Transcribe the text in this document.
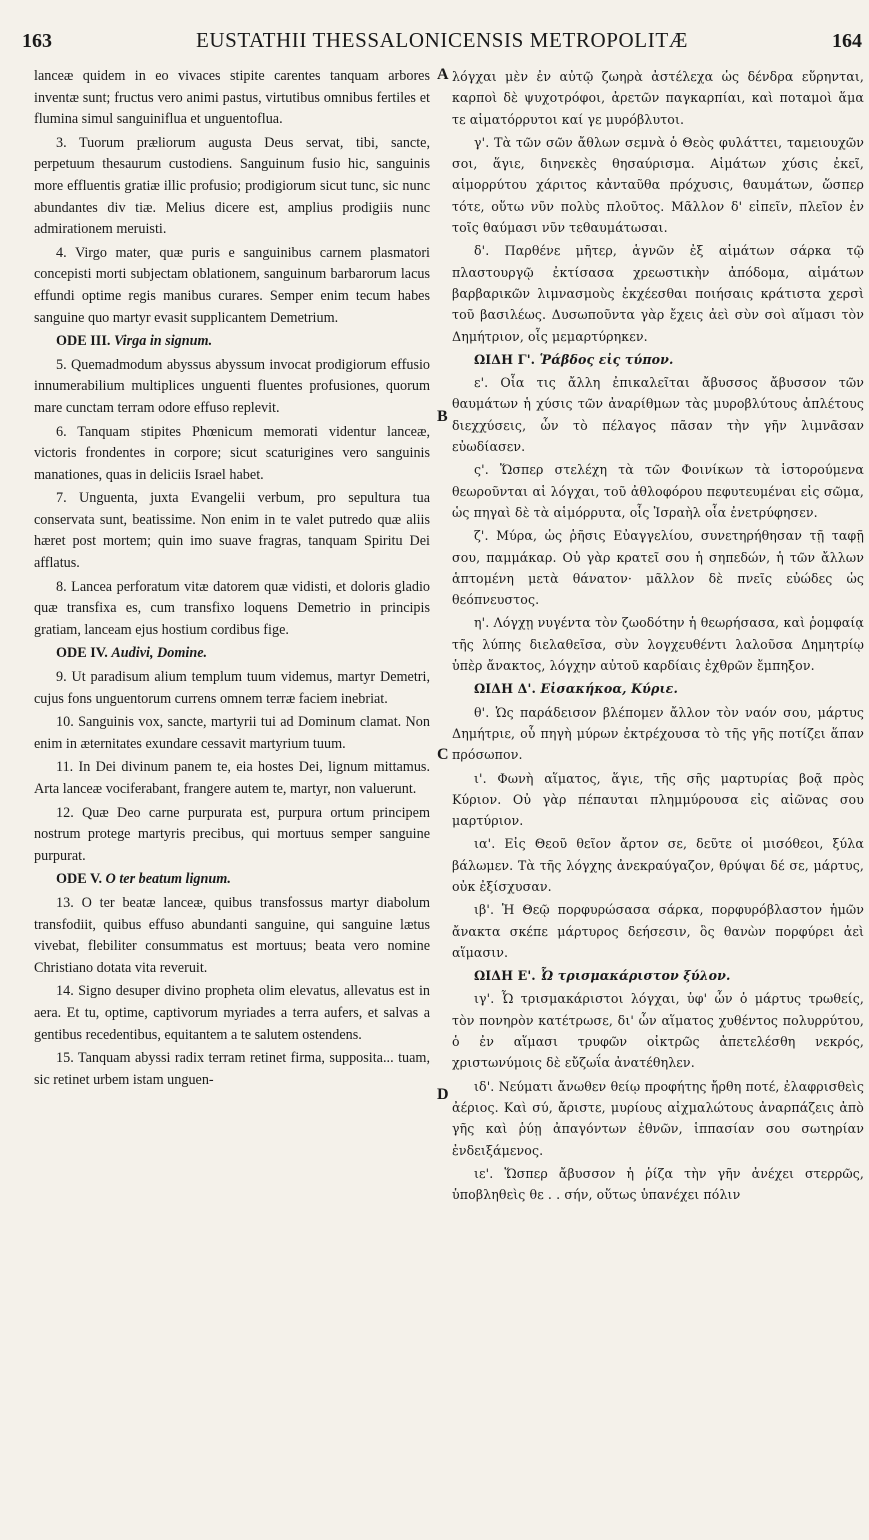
163	EUSTATHII THESSALONICENSIS METROPOLITÆ	164

lanceæ quidem in eo vivaces stipite carentes tanquam arbores inventæ sunt; fructus vero animi pastus, virtutibus omnibus fertiles et flumina simul sanguiniflua et unguentoflua.

3. Tuorum præliorum augusta Deus servat, tibi, sancte, perpetuum thesaurum custodiens. Sanguinum fusio hic, sanguinis more effluentis gratiæ illic profusio; prodigiorum sicut tunc, sic nunc abundantes div tiæ. Melius dicere est, amplius prodigiis nunc admirationem meruisti.

4. Virgo mater, quæ puris e sanguinibus carnem plasmatori concepisti morti subjectam oblationem, sanguinum barbarorum lacus effundi optime regis manibus curares. Semper enim tecum habes sanguine quo martyr evasit supplicantem Demetrium.

ODE III. Virga in signum.

5. Quemadmodum abyssus abyssum invocat prodigiorum effusio innumerabilium multiplices unguenti fluentes profusiones, quorum mare cunctam terram odore effuso replevit.

6. Tanquam stipites Phœnicum memorati videntur lanceæ, victoris frondentes in corpore; sicut scaturigines vero sanguinis manationes, quas in deliciis Israel habet.

7. Unguenta, juxta Evangelii verbum, pro sepultura tua conservata sunt, beatissime. Non enim in te valet putredo quæ aliis hæret post mortem; quin imo suave fragras, tanquam Spiritu Dei afflatus.

8. Lancea perforatum vitæ datorem quæ vidisti, et doloris gladio quæ transfixa es, cum transfixo loquens Demetrio in principis gratiam, lanceam ejus hostium cordibus fige.

ODE IV. Audivi, Domine.

9. Ut paradisum alium templum tuum videmus, martyr Demetri, cujus fons unguentorum currens omnem terræ faciem inebriat.

10. Sanguinis vox, sancte, martyrii tui ad Dominum clamat. Non enim in æternitates exundare cessavit martyrium tuum.

11. In Dei divinum panem te, eia hostes Dei, lignum mittamus. Arta lanceæ vociferabant, frangere autem te, martyr, non valuerunt.

12. Quæ Deo carne purpurata est, purpura ortum principem nostrum protege martyris precibus, qui mortuus semper sanguine purpurat.

ODE V. O ter beatum lignum.

13. O ter beatæ lanceæ, quibus transfossus martyr diabolum transfodiit, quibus effuso abundanti sanguine, qui sanguine lætus vivebat, flebiliter consummatus est mortuus; beata vero nomine Christiano dotata vita reveruit.

14. Signo desuper divino propheta olim elevatus, allevatus est in aera. Et tu, optime, captivorum myriades a terra aufers, et salvas a gentibus recedentibus, equitantem a te salutem ostendens.

15. Tanquam abyssi radix terram retinet firma, supposita... tuam, sic retinet urbem istam unguen-

λόγχαι μὲν ἐν αὐτῷ ζωηρὰ ἀστέλεχα ὡς δένδρα εὕρηνται, καρποὶ δὲ ψυχοτρόφοι, ἀρετῶν παγκαρπίαι, καὶ ποταμοὶ ἅμα τε αἱματόρρυτοι καί γε μυρόβλυτοι.

γ'. Τὰ τῶν σῶν ἄθλων σεμνὰ ὁ Θεὸς φυλάττει, ταμειουχῶν σοι, ἅγιε, διηνεκὲς θησαύρισμα. Αἱμάτων χύσις ἐκεῖ, αἱμορρύτου χάριτος κἀνταῦθα πρόχυσις, θαυμάτων, ὥσπερ τότε, οὕτω νῦν πολὺς πλοῦτος. Μᾶλλον δ' εἰπεῖν, πλεῖον ἐν τοῖς θαύμασι νῦν τεθαυμάτωσαι.

δ'. Παρθένε μῆτερ, ἁγνῶν ἐξ αἱμάτων σάρκα τῷ πλαστουργῷ ἐκτίσασα χρεωστικὴν ἀπόδομα, αἱμάτων βαρβαρικῶν λιμνασμοὺς ἐκχέεσθαι ποιήσαις κράτιστα χερσὶ τοῦ βασιλέως. Δυσωποῦντα γὰρ ἔχεις ἀεὶ σὺν σοὶ αἵμασι τὸν Δημήτριον, οἷς μεμαρτύρηκεν.

ΩΙΔΗ Γ'. Ῥάβδος εἰς τύπον.

ε'. Οἷα τις ἄλλη ἐπικαλεῖται ἄβυσσος ἄβυσσον τῶν θαυμάτων ἡ χύσις τῶν ἀναρίθμων τὰς μυροβλύτους ἀπλέτους διεχχύσεις, ὧν τὸ πέλαγος πᾶσαν τὴν γῆν λιμνᾶσαν εὐωδίασεν.

ς'. Ὥσπερ στελέχη τὰ τῶν Φοινίκων τὰ ἱστορούμενα θεωροῦνται αἱ λόγχαι, τοῦ ἀθλοφόρου πεφυτευμέναι εἰς σῶμα, ὡς πηγαὶ δὲ τὰ αἱμόρρυτα, οἷς Ἰσραὴλ οἷα ἐνετρύφησεν.

ζ'. Μύρα, ὡς ῥῆσις Εὐαγγελίου, συνετηρήθησαν τῇ ταφῇ σου, παμμάκαρ. Οὐ γὰρ κρατεῖ σου ἡ σηπεδών, ἡ τῶν ἄλλων ἁπτομένη μετὰ θάνατον· μᾶλλον δὲ πνεῖς εὐώδες ὡς θεόπνευστος.

η'. Λόγχῃ νυγέντα τὸν ζωοδότην ἡ θεωρήσασα, καὶ ῥομφαίᾳ τῆς λύπης διελαθεῖσα, σὺν λογχευθέντι λαλοῦσα Δημητρίῳ ὑπὲρ ἄνακτος, λόγχην αὐτοῦ καρδίαις ἐχθρῶν ἔμπηξον.

ΩΙΔΗ Δ'. Εἰσακήκοα, Κύριε.

θ'. Ὡς παράδεισον βλέπομεν ἄλλον τὸν ναόν σου, μάρτυς Δημήτριε, οὗ πηγὴ μύρων ἐκτρέχουσα τὸ τῆς γῆς ποτίζει ἅπαν πρόσωπον.

ι'. Φωνὴ αἵματος, ἅγιε, τῆς σῆς μαρτυρίας βοᾷ πρὸς Κύριον. Οὐ γὰρ πέπαυται πλημμύρουσα εἰς αἰῶνας σου μαρτύριον.

ια'. Εἰς Θεοῦ θεῖον ἄρτον σε, δεῦτε οἱ μισόθεοι, ξύλα βάλωμεν. Τὰ τῆς λόγχης ἀνεκραύγαζον, θρύψαι δέ σε, μάρτυς, οὐκ ἐξίσχυσαν.

ιβ'. Ἡ Θεῷ πορφυρώσασα σάρκα, πορφυρόβλαστον ἡμῶν ἄνακτα σκέπε μάρτυρος δεήσεσιν, ὃς θανὼν πορφύρει ἀεὶ αἵμασιν.

ΩΙΔΗ Ε'. Ὦ τρισμακάριστον ξύλον.

ιγ'. Ὦ τρισμακάριστοι λόγχαι, ὑφ' ὧν ὁ μάρτυς τρωθείς, τὸν πονηρὸν κατέτρωσε, δι' ὧν αἵματος χυθέντος πολυρρύτου, ὁ ἐν αἵμασι τρυφῶν οἰκτρῶς ἀπετελέσθη νεκρός, χριστωνύμοις δὲ εὔζωΐα ἀνατέθηλεν.

ιδ'. Νεύματι ἄνωθεν θείῳ προφήτης ἤρθη ποτέ, ἐλαφρισθεὶς ἀέριος. Καὶ σύ, ἄριστε, μυρίους αἰχμαλώτους ἀναρπάζεις ἀπὸ γῆς καὶ ῥύῃ ἀπαγόντων ἐθνῶν, ἱππασίαν σου σωτηρίαν ἐνδειξάμενος.

ιε'. Ὥσπερ ἄβυσσον ἡ ῥίζα τὴν γῆν ἀνέχει στερρῶς, ὑποβληθεὶς θε . . σήν, οὕτως ὑπανέχει πόλιν

A
B
C
D
